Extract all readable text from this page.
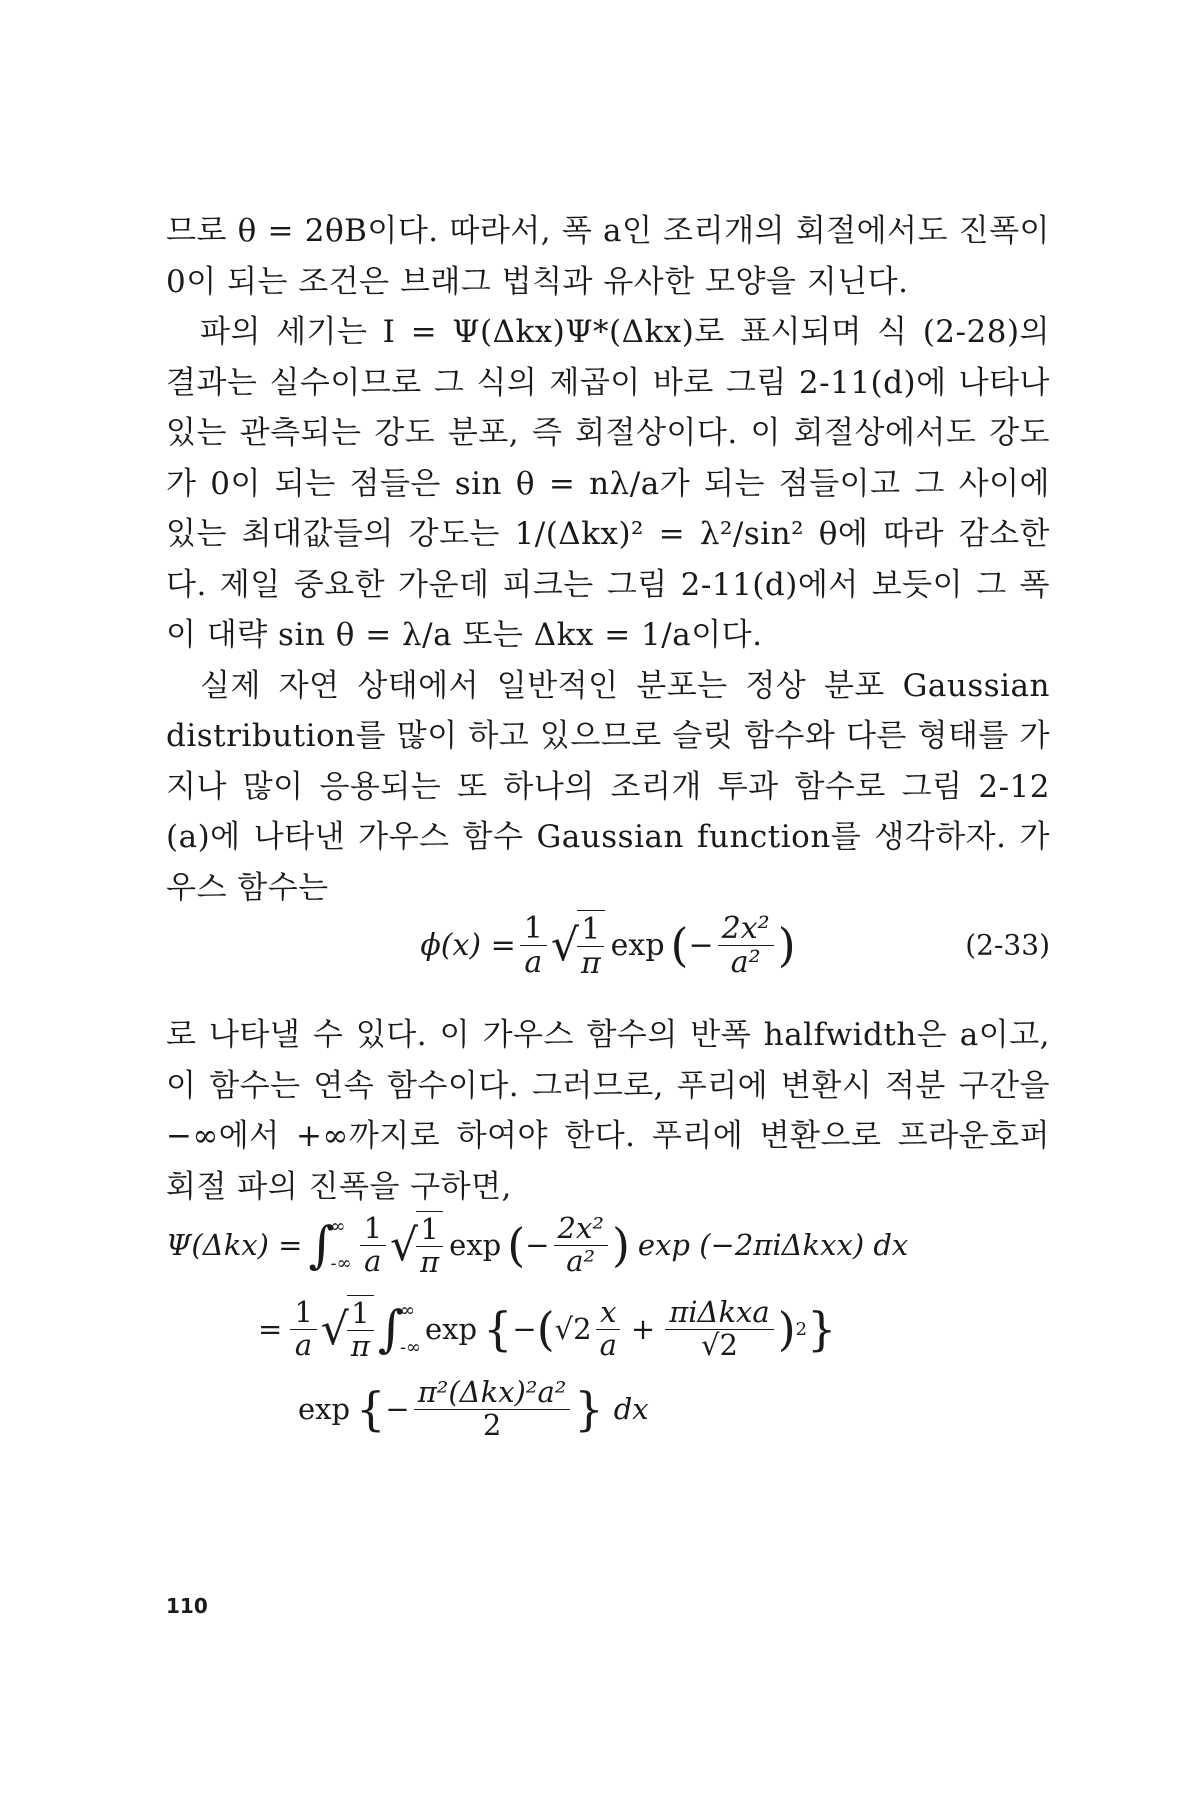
므로 θ = 2θB이다. 따라서, 폭 a인 조리개의 회절에서도 진폭이 0이 되는 조건은 브래그 법칙과 유사한 모양을 지닌다.

파의 세기는 I = Ψ(Δkx)Ψ*(Δkx)로 표시되며 식 (2-28)의 결과는 실수이므로 그 식의 제곱이 바로 그림 2-11(d)에 나타나 있는 관측되는 강도 분포, 즉 회절상이다. 이 회절상에서도 강도가 0이 되는 점들은 sin θ = nλ/a가 되는 점들이고 그 사이에 있는 최대값들의 강도는 1/(Δkx)² = λ²/sin² θ에 따라 감소한다. 제일 중요한 가운데 피크는 그림 2-11(d)에서 보듯이 그 폭이 대략 sin θ = λ/a 또는 Δkx = 1/a이다.

실제 자연 상태에서 일반적인 분포는 정상 분포 Gaussian distribution를 많이 하고 있으므로 슬릿 함수와 다른 형태를 가지나 많이 응용되는 또 하나의 조리개 투과 함수로 그림 2-12 (a)에 나타낸 가우스 함수 Gaussian function를 생각하자. 가우스 함수는

$\phi(x) = \frac{1}{a}$ √
$\frac{1}{\pi}$ exp ( − $\frac{\text{2x²}}{\text{a²}}$ )	(2-33)

로 나타낼 수 있다. 이 가우스 함수의 반폭 halfwidth은 a이고, 이 함수는 연속 함수이다. 그러므로, 푸리에 변환시 적분 구간을 −∞에서 +∞까지로 하여야 한다. 푸리에 변환으로 프라운호퍼 회절 파의 진폭을 구하면,

Ψ(Δkx) = ∫
∞
-∞ $\frac{1}{a}$ √
$\frac{1}{\pi}$ exp ( − $\frac{\text{2x²}}{\text{a²}}$ ) exp (−2πiΔkxx) dx
= $\frac{1}{a}$ √
$\frac{1}{\pi}$ ∫
∞
-∞
exp { − ( $√2 \frac{x}{a} + \frac{\text{πiΔkxa}}{√2}$ ) 2 }
exp { − $\frac{\text{π²(Δkx)²a²}}{2}$ } dx
110
